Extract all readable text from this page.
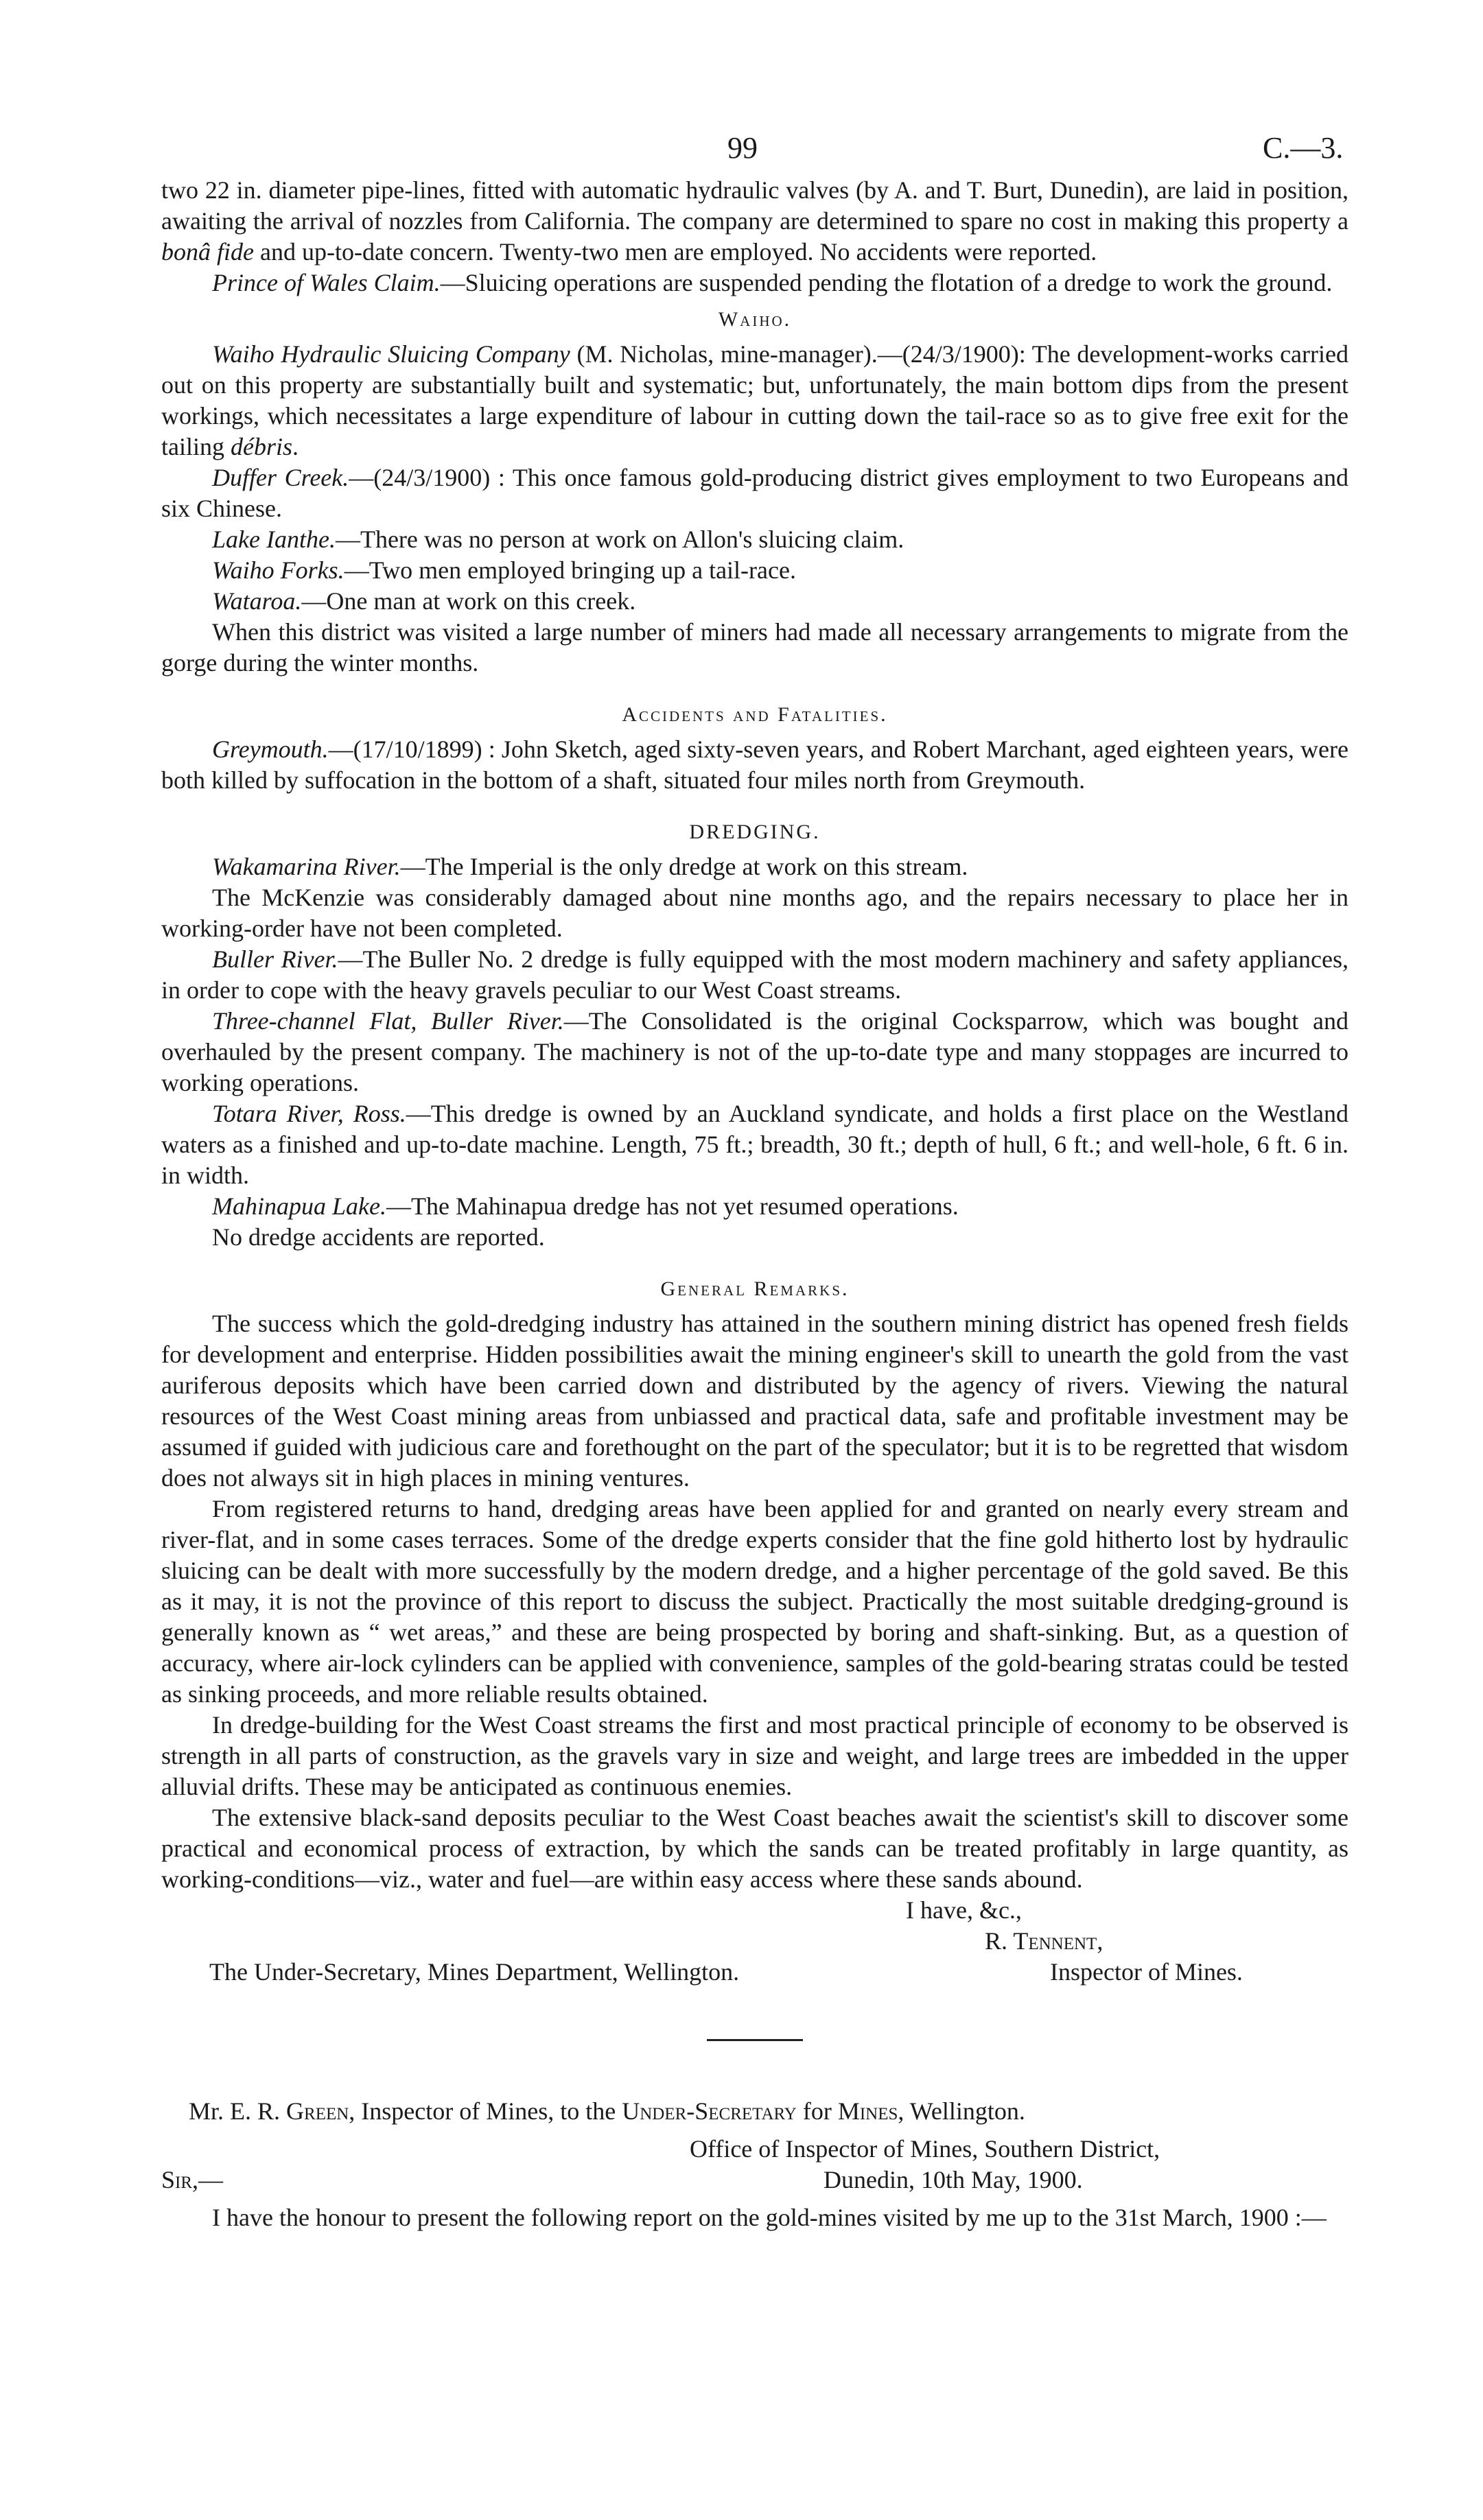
99	C.—3.

two 22 in. diameter pipe-lines, fitted with automatic hydraulic valves (by A. and T. Burt, Dunedin), are laid in position, awaiting the arrival of nozzles from California. The company are determined to spare no cost in making this property a bonâ fide and up-to-date concern. Twenty-two men are employed. No accidents were reported.

Prince of Wales Claim.—Sluicing operations are suspended pending the flotation of a dredge to work the ground.

Waiho.

Waiho Hydraulic Sluicing Company (M. Nicholas, mine-manager).—(24/3/1900): The development-works carried out on this property are substantially built and systematic; but, unfortunately, the main bottom dips from the present workings, which necessitates a large expenditure of labour in cutting down the tail-race so as to give free exit for the tailing débris.

Duffer Creek.—(24/3/1900) : This once famous gold-producing district gives employment to two Europeans and six Chinese.

Lake Ianthe.—There was no person at work on Allon's sluicing claim.

Waiho Forks.—Two men employed bringing up a tail-race.

Wataroa.—One man at work on this creek.

When this district was visited a large number of miners had made all necessary arrangements to migrate from the gorge during the winter months.

Accidents and Fatalities.

Greymouth.—(17/10/1899) : John Sketch, aged sixty-seven years, and Robert Marchant, aged eighteen years, were both killed by suffocation in the bottom of a shaft, situated four miles north from Greymouth.

DREDGING.

Wakamarina River.—The Imperial is the only dredge at work on this stream.

The McKenzie was considerably damaged about nine months ago, and the repairs necessary to place her in working-order have not been completed.

Buller River.—The Buller No. 2 dredge is fully equipped with the most modern machinery and safety appliances, in order to cope with the heavy gravels peculiar to our West Coast streams.

Three-channel Flat, Buller River.—The Consolidated is the original Cocksparrow, which was bought and overhauled by the present company. The machinery is not of the up-to-date type and many stoppages are incurred to working operations.

Totara River, Ross.—This dredge is owned by an Auckland syndicate, and holds a first place on the Westland waters as a finished and up-to-date machine. Length, 75 ft.; breadth, 30 ft.; depth of hull, 6 ft.; and well-hole, 6 ft. 6 in. in width.

Mahinapua Lake.—The Mahinapua dredge has not yet resumed operations.

No dredge accidents are reported.

General Remarks.

The success which the gold-dredging industry has attained in the southern mining district has opened fresh fields for development and enterprise. Hidden possibilities await the mining engineer's skill to unearth the gold from the vast auriferous deposits which have been carried down and distributed by the agency of rivers. Viewing the natural resources of the West Coast mining areas from unbiassed and practical data, safe and profitable investment may be assumed if guided with judicious care and forethought on the part of the speculator; but it is to be regretted that wisdom does not always sit in high places in mining ventures.

From registered returns to hand, dredging areas have been applied for and granted on nearly every stream and river-flat, and in some cases terraces. Some of the dredge experts consider that the fine gold hitherto lost by hydraulic sluicing can be dealt with more successfully by the modern dredge, and a higher percentage of the gold saved. Be this as it may, it is not the province of this report to discuss the subject. Practically the most suitable dredging-ground is generally known as “ wet areas,” and these are being prospected by boring and shaft-sinking. But, as a question of accuracy, where air-lock cylinders can be applied with convenience, samples of the gold-bearing stratas could be tested as sinking proceeds, and more reliable results obtained.

In dredge-building for the West Coast streams the first and most practical principle of economy to be observed is strength in all parts of construction, as the gravels vary in size and weight, and large trees are imbedded in the upper alluvial drifts. These may be anticipated as continuous enemies.

The extensive black-sand deposits peculiar to the West Coast beaches await the scientist's skill to discover some practical and economical process of extraction, by which the sands can be treated profitably in large quantity, as working-conditions—viz., water and fuel—are within easy access where these sands abound.

I have, &c.,
R. Tennent,
The Under-Secretary, Mines Department, Wellington.	Inspector of Mines.

Mr. E. R. Green, Inspector of Mines, to the Under-Secretary for Mines, Wellington.

Office of Inspector of Mines, Southern District,
Sir,—	Dunedin, 10th May, 1900.

I have the honour to present the following report on the gold-mines visited by me up to the 31st March, 1900 :—
